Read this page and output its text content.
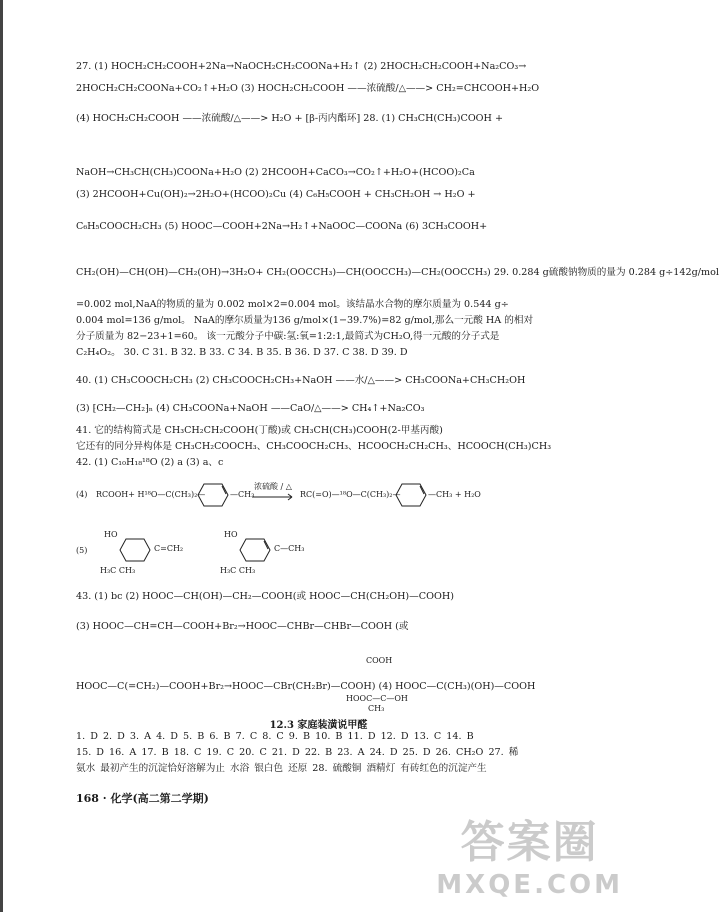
27. (1) HOCH₂CH₂COOH+2Na→NaOCH₂CH₂COONa+H₂↑ (2) 2HOCH₂CH₂COOH+Na₂CO₃→
2HOCH₂CH₂COONa+CO₂↑+H₂O (3) HOCH₂CH₂COOH ——浓硫酸/△——> CH₂=CHCOOH+H₂O
(4) HOCH₂CH₂COOH ——浓硫酸/△——> H₂O + [β-丙内酯环] 28. (1) CH₃CH(CH₃)COOH +
NaOH→CH₃CH(CH₃)COONa+H₂O (2) 2HCOOH+CaCO₃→CO₂↑+H₂O+(HCOO)₂Ca
(3) 2HCOOH+Cu(OH)₂→2H₂O+(HCOO)₂Cu (4) C₆H₅COOH + CH₃CH₂OH → H₂O +
C₆H₅COOCH₂CH₃ (5) HOOC—COOH+2Na→H₂↑+NaOOC—COONa (6) 3CH₃COOH+
CH₂(OH)—CH(OH)—CH₂(OH)→3H₂O+ CH₂(OOCCH₃)—CH(OOCCH₃)—CH₂(OOCCH₃) 29. 0.284 g硫酸钠物质的量为 0.284 g÷142g/mol
=0.002 mol,NaA的物质的量为 0.002 mol×2=0.004 mol。该结晶水合物的摩尔质量为 0.544 g÷
0.004 mol=136 g/mol。 NaA的摩尔质量为136 g/mol×(1−39.7%)=82 g/mol,那么一元酸 HA 的相对
分子质量为 82−23+1=60。 该一元酸分子中碳:氢:氧=1:2:1,最简式为CH₂O,得一元酸的分子式是
C₂H₄O₂。 30. C 31. B 32. B 33. C 34. B 35. B 36. D 37. C 38. D 39. D
40. (1) CH₃COOCH₂CH₃ (2) CH₃COOCH₂CH₃+NaOH ——水/△——> CH₃COONa+CH₃CH₂OH
(3) ⁅CH₂—CH₂⁆ₙ (4) CH₃COONa+NaOH ——CaO/△——> CH₄↑+Na₂CO₃
41. 它的结构简式是 CH₃CH₂CH₂COOH(丁酸)或 CH₃CH(CH₃)COOH(2-甲基丙酸)
它还有的同分异构体是 CH₃CH₂COOCH₃、CH₃COOCH₂CH₃、HCOOCH₂CH₂CH₃、HCOOCH(CH₃)CH₃
42. (1) C₁₀H₁₈¹⁸O (2) a (3) a、c
(4) RCOOH+ H¹⁸O—C(CH₃)₂—	—CH₃
浓硫酸 / △
→ RC(=O)—¹⁸O—C(CH₃)₂—	—CH₃ + H₂O
(5)
HO
C=CH₂
H₃C CH₃
HO
C—CH₃
H₃C CH₃
43. (1) bc (2) HOOC—CH(OH)—CH₂—COOH(或 HOOC—CH(CH₂OH)—COOH)
(3) HOOC—CH=CH—COOH+Br₂→HOOC—CHBr—CHBr—COOH (或
HOOC—C(=CH₂)—COOH+Br₂→HOOC—CBr(CH₂Br)—COOH) (4) HOOC—C(CH₃)(OH)—COOH
COOH
HOOC—C—OH
CH₃
12.3 家庭装潢说甲醛
1. D 2. D 3. A 4. D 5. B 6. B 7. C 8. C 9. B 10. B 11. D 12. D 13. C 14. B
15. D 16. A 17. B 18. C 19. C 20. C 21. D 22. B 23. A 24. D 25. D 26. CH₂O 27. 稀
氨水 最初产生的沉淀恰好溶解为止 水浴 银白色 还原 28. 硫酸铜 酒精灯 有砖红色的沉淀产生
168 · 化学(高二第二学期)
答案圈
MXQE.COM
